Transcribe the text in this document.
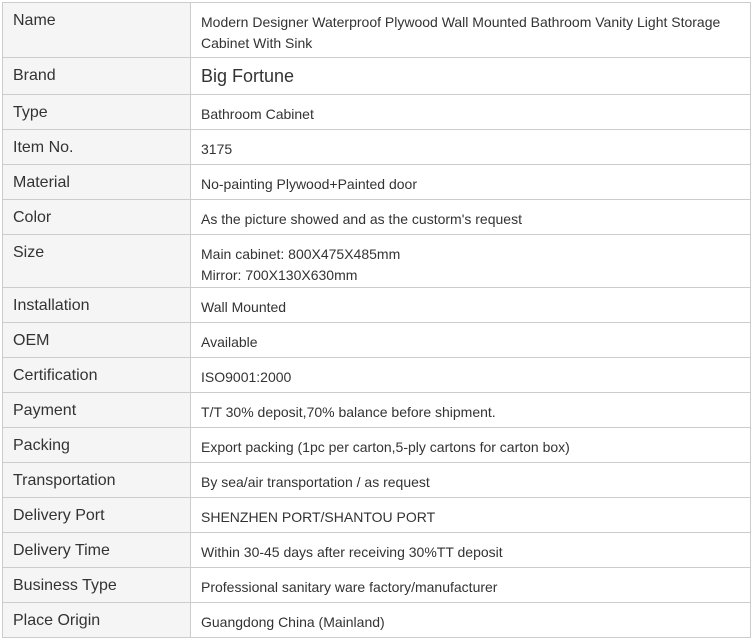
Name	Modern Designer Waterproof Plywood Wall Mounted Bathroom Vanity Light Storage
Cabinet With Sink

Brand	Big Fortune

Type	Bathroom Cabinet

Item No.	3175

Material	No-painting Plywood+Painted door

Color	As the picture showed and as the custorm's request

Size	Main cabinet: 800X475X485mm
Mirror: 700X130X630mm

Installation	Wall Mounted

OEM	Available

Certification	ISO9001:2000

Payment	T/T 30% deposit,70% balance before shipment.

Packing	Export packing (1pc per carton,5-ply cartons for carton box)

Transportation	By sea/air transportation / as request

Delivery Port	SHENZHEN PORT/SHANTOU PORT

Delivery Time	Within 30-45 days after receiving 30%TT deposit

Business Type	Professional sanitary ware factory/manufacturer

Place Origin	Guangdong China (Mainland)
